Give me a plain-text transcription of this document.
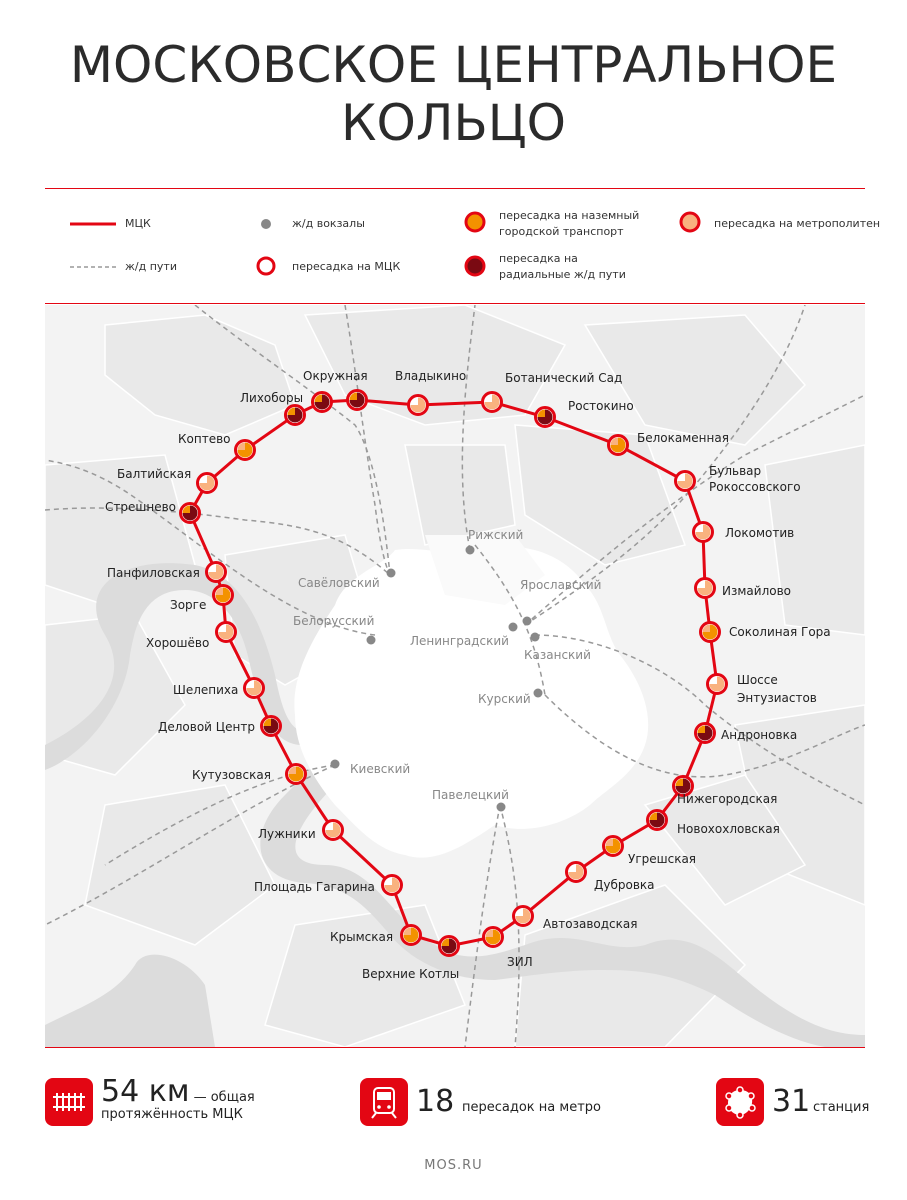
МОСКОВСКОЕ ЦЕНТРАЛЬНОЕ
КОЛЬЦО
МЦК
ж/д пути
ж/д вокзалы
пересадка на МЦК
пересадка на наземный
городской транспорт
пересадка на
радиальные ж/д пути
пересадка на метрополитен
Рижский
Савёловский	Ярославский
Белорусский
Ленинградский
Казанский
Курский
Киевский
Павелецкий
Окружная Владыкино	Ботанический Сад
Ростокино
Белокаменная
Бульвар
Рокоссовского
Локомотив
Измайлово
Соколиная Гора
Шоссе
Энтузиастов
Андроновка
Нижегородская
Новохохловская
Угрешская
Дубровка
Автозаводская
ЗИЛ
Верхние Котлы
Крымская
Площадь Гагарина
Лужники
Кутузовская
Деловой Центр
Шелепиха
Хорошёво
Зорге
Панфиловская
Стрешнево
Балтийская
Коптево
Лихоборы
54 км — общая
протяжённость МЦК	18 пересадок на метро	31 станция
MOS.RU
